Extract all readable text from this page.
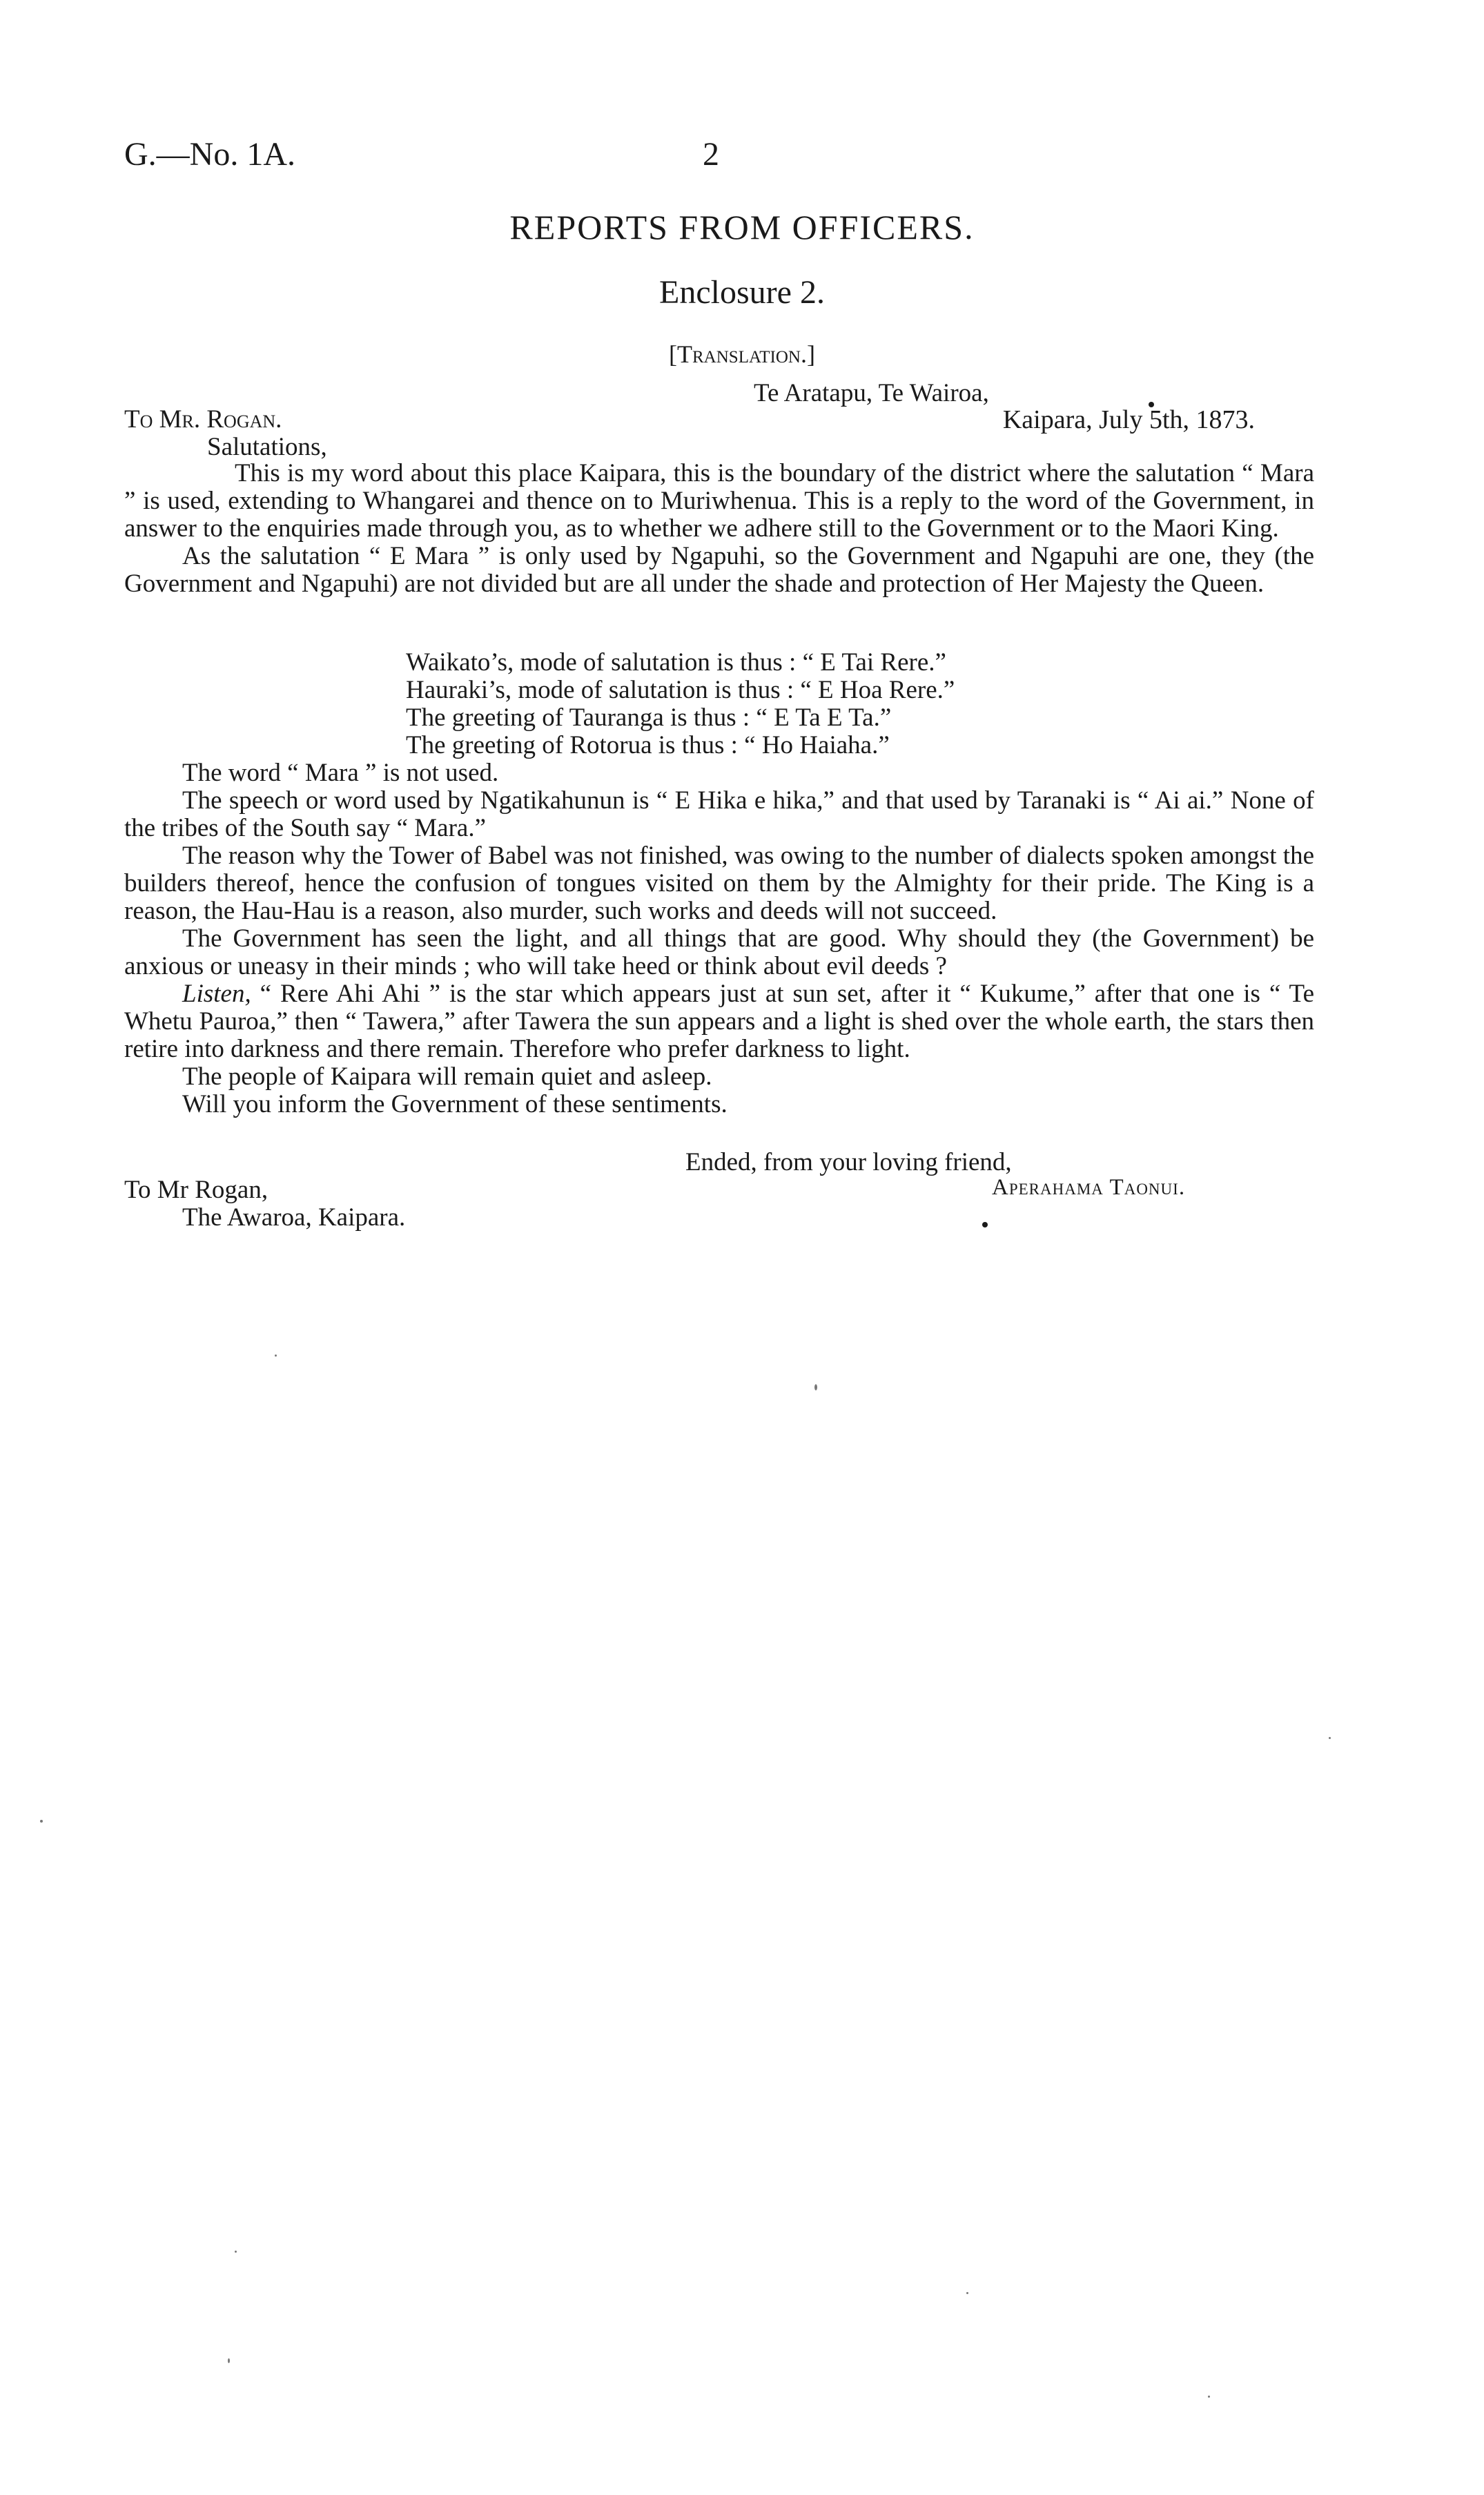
G.—No. 1A.	2
REPORTS FROM OFFICERS.
Enclosure 2.
[Translation.]
Te Aratapu, Te Wairoa,
To Mr. Rogan.	Kaipara, July 5th, 1873.
Salutations,

This is my word about this place Kaipara, this is the boundary of the district where the salutation “ Mara ” is used, extending to Whangarei and thence on to Muriwhenua. This is a reply to the word of the Government, in answer to the enquiries made through you, as to whether we adhere still to the Government or to the Maori King.

As the salutation “ E Mara ” is only used by Ngapuhi, so the Government and Ngapuhi are one, they (the Government and Ngapuhi) are not divided but are all under the shade and protection of Her Majesty the Queen.

Waikato’s, mode of salutation is thus : “ E Tai Rere.”
Hauraki’s, mode of salutation is thus : “ E Hoa Rere.”
The greeting of Tauranga is thus : “ E Ta E Ta.”
The greeting of Rotorua is thus : “ Ho Haiaha.”

The word “ Mara ” is not used.

The speech or word used by Ngatikahunun is “ E Hika e hika,” and that used by Taranaki is “ Ai ai.” None of the tribes of the South say “ Mara.”

The reason why the Tower of Babel was not finished, was owing to the number of dialects spoken amongst the builders thereof, hence the confusion of tongues visited on them by the Almighty for their pride. The King is a reason, the Hau-Hau is a reason, also murder, such works and deeds will not succeed.

The Government has seen the light, and all things that are good. Why should they (the Government) be anxious or uneasy in their minds ; who will take heed or think about evil deeds ?

Listen, “ Rere Ahi Ahi ” is the star which appears just at sun set, after it “ Kukume,” after that one is “ Te Whetu Pauroa,” then “ Tawera,” after Tawera the sun appears and a light is shed over the whole earth, the stars then retire into darkness and there remain. Therefore who prefer darkness to light.

The people of Kaipara will remain quiet and asleep.

Will you inform the Government of these sentiments.

Ended, from your loving friend,
To Mr Rogan,	Aperahama Taonui.
The Awaroa, Kaipara.
